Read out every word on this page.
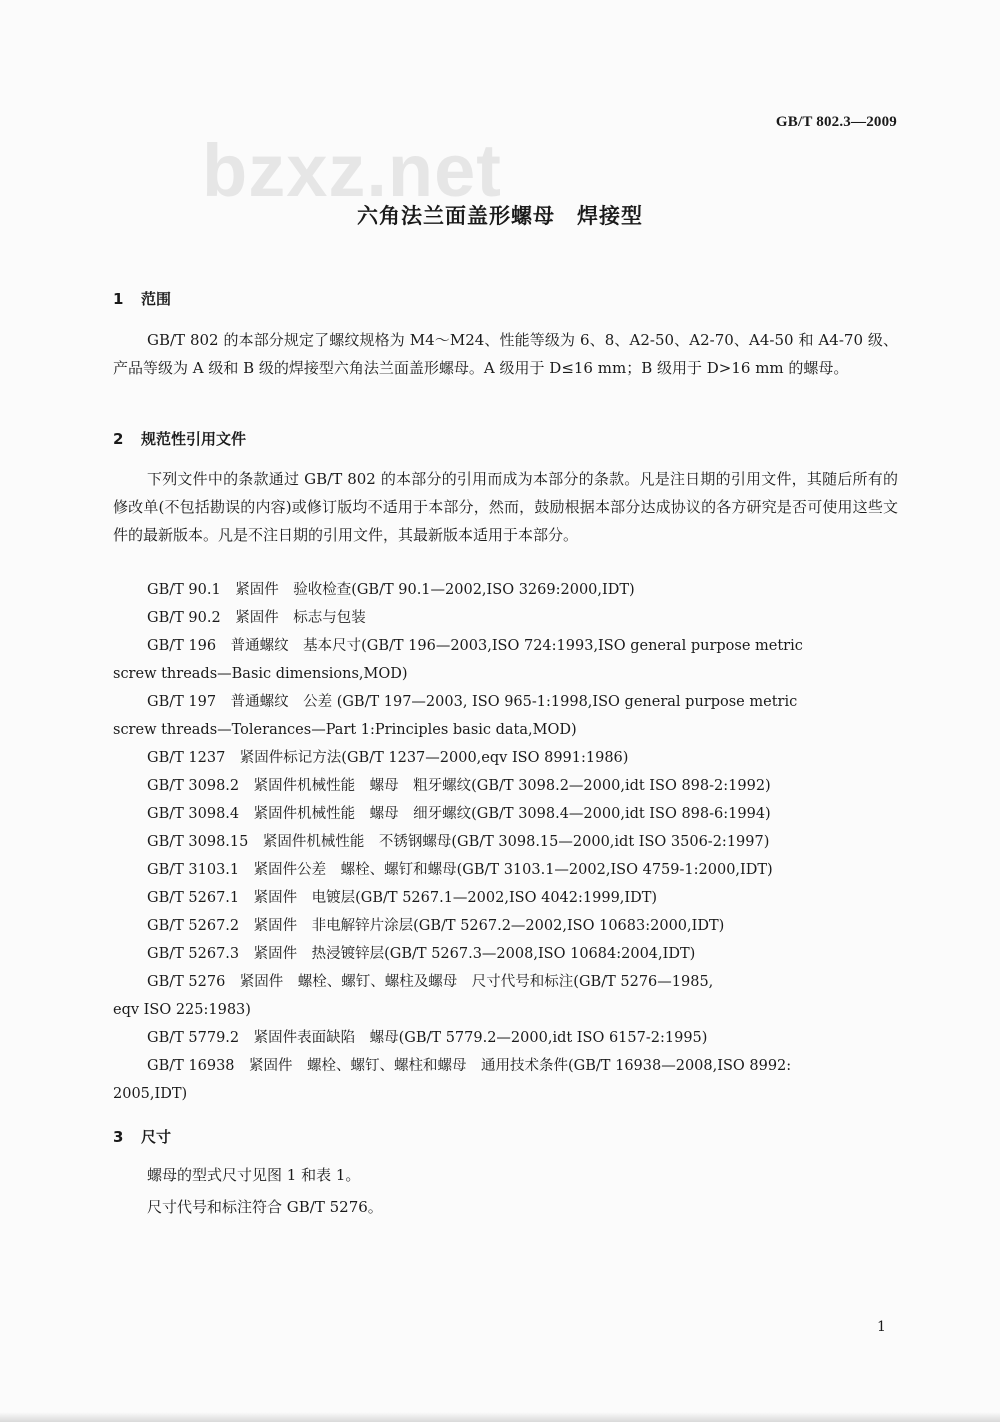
bzxz.net
GB/T 802.3—2009
六角法兰面盖形螺母　焊接型
1 范围
GB/T 802 的本部分规定了螺纹规格为 M4～M24、性能等级为 6、8、A2-50、A2-70、A4-50 和 A4-70 级、产品等级为 A 级和 B 级的焊接型六角法兰面盖形螺母。A 级用于 D≤16 mm；B 级用于 D>16 mm 的螺母。
2 规范性引用文件
下列文件中的条款通过 GB/T 802 的本部分的引用而成为本部分的条款。凡是注日期的引用文件，其随后所有的修改单(不包括勘误的内容)或修订版均不适用于本部分，然而，鼓励根据本部分达成协议的各方研究是否可使用这些文件的最新版本。凡是不注日期的引用文件，其最新版本适用于本部分。
GB/T 90.1　紧固件　验收检查(GB/T 90.1—2002,ISO 3269:2000,IDT)
GB/T 90.2　紧固件　标志与包装
GB/T 196　普通螺纹　基本尺寸(GB/T 196—2003,ISO 724:1993,ISO general purpose metric
screw threads—Basic dimensions,MOD)
GB/T 197　普通螺纹　公差 (GB/T 197—2003, ISO 965-1:1998,ISO general purpose metric
screw threads—Tolerances—Part 1:Principles basic data,MOD)
GB/T 1237　紧固件标记方法(GB/T 1237—2000,eqv ISO 8991:1986)
GB/T 3098.2　紧固件机械性能　螺母　粗牙螺纹(GB/T 3098.2—2000,idt ISO 898-2:1992)
GB/T 3098.4　紧固件机械性能　螺母　细牙螺纹(GB/T 3098.4—2000,idt ISO 898-6:1994)
GB/T 3098.15　紧固件机械性能　不锈钢螺母(GB/T 3098.15—2000,idt ISO 3506-2:1997)
GB/T 3103.1　紧固件公差　螺栓、螺钉和螺母(GB/T 3103.1—2002,ISO 4759-1:2000,IDT)
GB/T 5267.1　紧固件　电镀层(GB/T 5267.1—2002,ISO 4042:1999,IDT)
GB/T 5267.2　紧固件　非电解锌片涂层(GB/T 5267.2—2002,ISO 10683:2000,IDT)
GB/T 5267.3　紧固件　热浸镀锌层(GB/T 5267.3—2008,ISO 10684:2004,IDT)
GB/T 5276　紧固件　螺栓、螺钉、螺柱及螺母　尺寸代号和标注(GB/T 5276—1985,
eqv ISO 225:1983)
GB/T 5779.2　紧固件表面缺陷　螺母(GB/T 5779.2—2000,idt ISO 6157-2:1995)
GB/T 16938　紧固件　螺栓、螺钉、螺柱和螺母　通用技术条件(GB/T 16938—2008,ISO 8992:
2005,IDT)
3 尺寸
螺母的型式尺寸见图 1 和表 1。
尺寸代号和标注符合 GB/T 5276。
1
